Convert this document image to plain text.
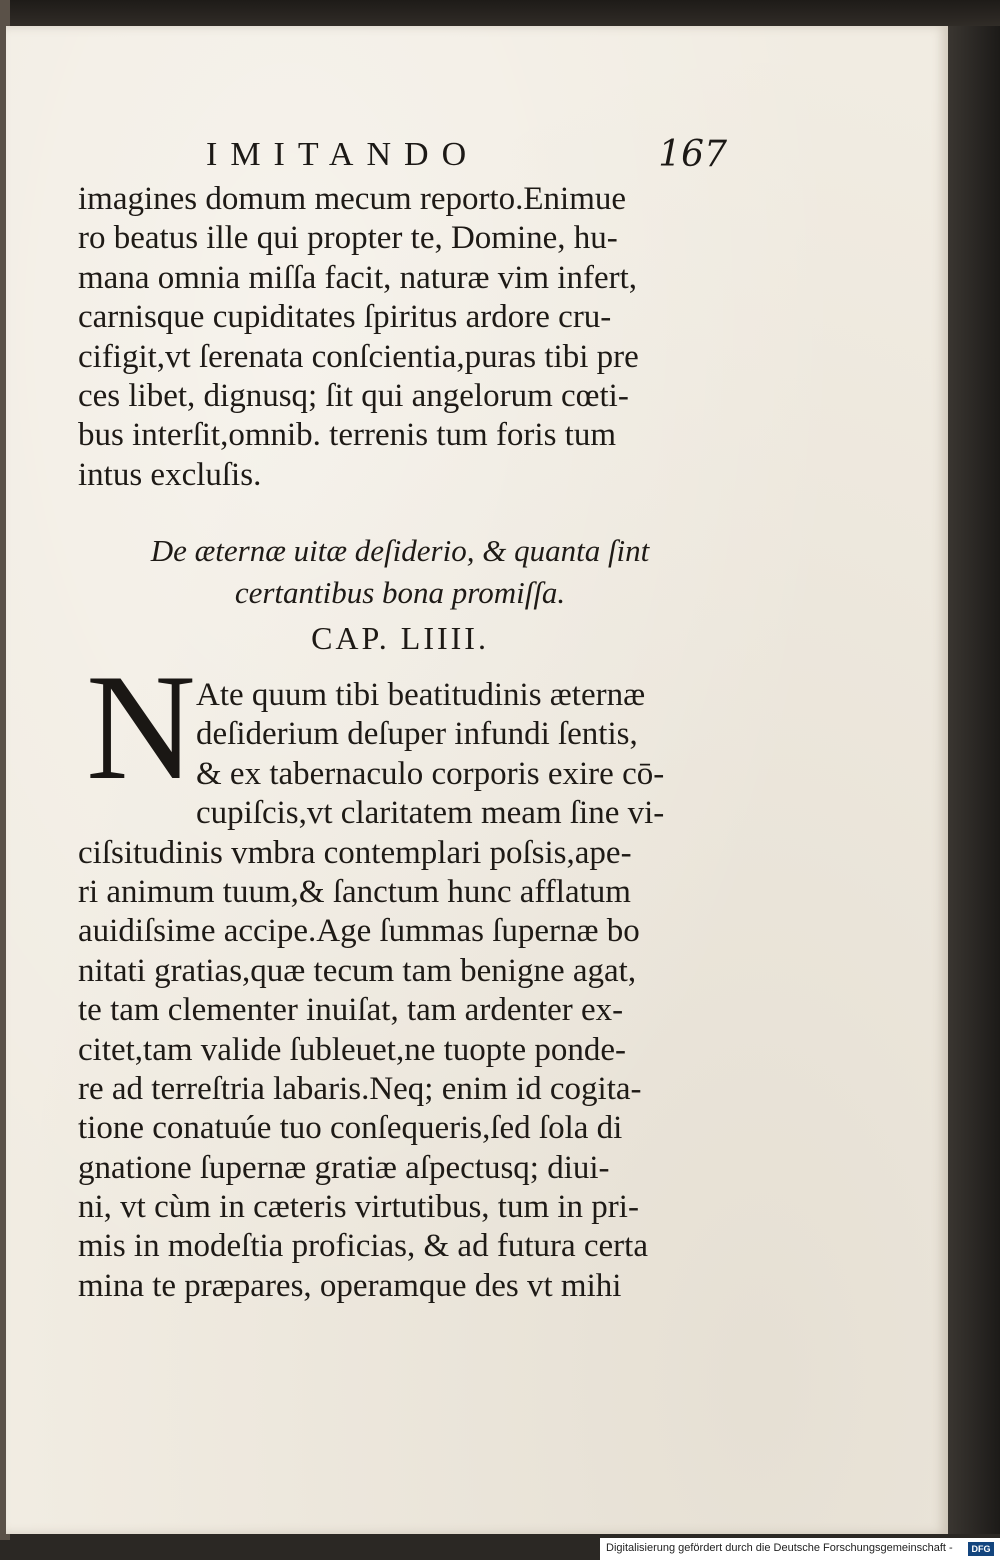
IMITANDO	167
imagines domum mecum reporto.Enimue
ro beatus ille qui propter te, Domine, hu-
mana omnia miſſa facit, naturæ vim infert,
carnisque cupiditates ſpiritus ardore cru-
cifigit,vt ſerenata conſcientia,puras tibi pre
ces libet, dignusq; ſit qui angelorum cœti-
bus interſit,omnib. terrenis tum foris tum
intus excluſis.
De æternæ uitæ deſiderio, & quanta ſint
certantibus bona promiſſa.
CAP. LIIII.
N Ate quum tibi beatitudinis æternæ
deſiderium deſuper infundi ſentis,
& ex tabernaculo corporis exire cō-
cupiſcis,vt claritatem meam ſine vi-
ciſsitudinis vmbra contemplari poſsis,ape-
ri animum tuum,& ſanctum hunc afflatum
auidiſsime accipe.Age ſummas ſupernæ bo
nitati gratias,quæ tecum tam benigne agat,
te tam clementer inuiſat, tam ardenter ex-
citet,tam valide ſubleuet,ne tuopte ponde-
re ad terreſtria labaris.Neq; enim id cogita-
tione conatuúe tuo conſequeris,ſed ſola di
gnatione ſupernæ gratiæ aſpectusq; diui-
ni, vt cùm in cæteris virtutibus, tum in pri-
mis in modeſtia proficias, & ad futura certa
mina te præpares, operamque des vt mihi
Digitalisierung gefördert durch die Deutsche Forschungsgemeinschaft -	DFG
